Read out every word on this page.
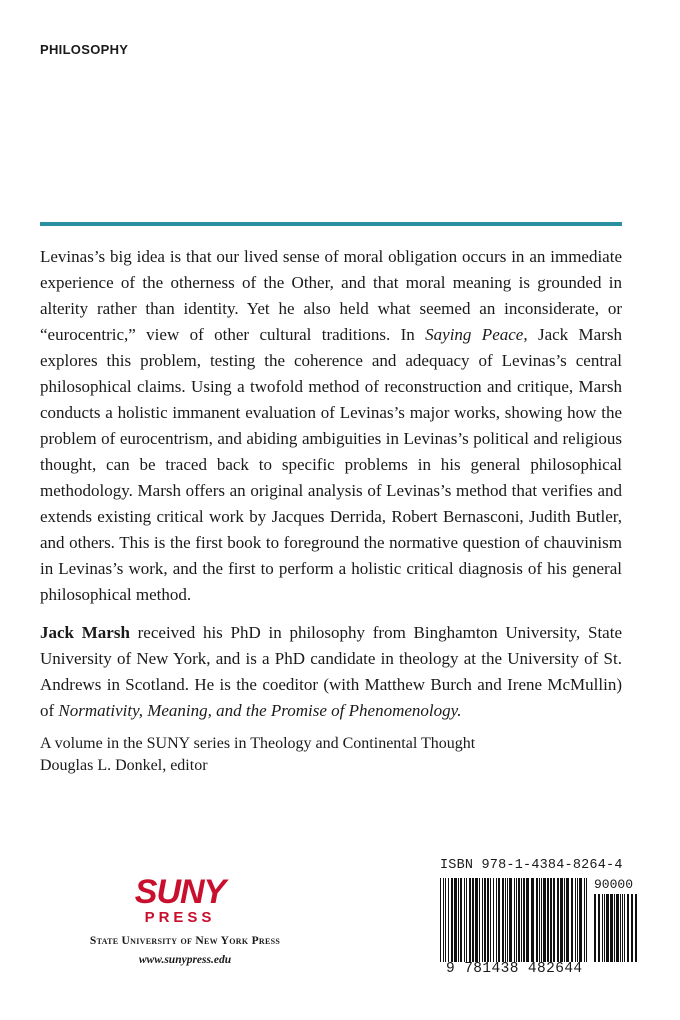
PHILOSOPHY

Levinas’s big idea is that our lived sense of moral obligation occurs in an immediate experience of the otherness of the Other, and that moral meaning is grounded in alterity rather than identity. Yet he also held what seemed an inconsiderate, or “eurocentric,” view of other cultural traditions. In Saying Peace, Jack Marsh explores this problem, testing the coherence and adequacy of Levinas’s central philosophical claims. Using a twofold method of reconstruction and critique, Marsh conducts a holistic immanent evaluation of Levinas’s major works, showing how the problem of eurocentrism, and abiding ambiguities in Levinas’s political and religious thought, can be traced back to specific problems in his general philosophical methodology. Marsh offers an original analysis of Levinas’s method that verifies and extends existing critical work by Jacques Derrida, Robert Bernasconi, Judith Butler, and others. This is the first book to foreground the normative question of chauvinism in Levinas’s work, and the first to perform a holistic critical diagnosis of his general philosophical method.

Jack Marsh received his PhD in philosophy from Binghamton University, State University of New York, and is a PhD candidate in theology at the University of St. Andrews in Scotland. He is the coeditor (with Matthew Burch and Irene McMullin) of Normativity, Meaning, and the Promise of Phenomenology.

A volume in the SUNY series in Theology and Continental Thought
Douglas L. Donkel, editor
SUNY
PRESS
State University of New York Press
www.sunypress.edu
ISBN 978-1-4384-8264-4
90000
9 781438 482644
